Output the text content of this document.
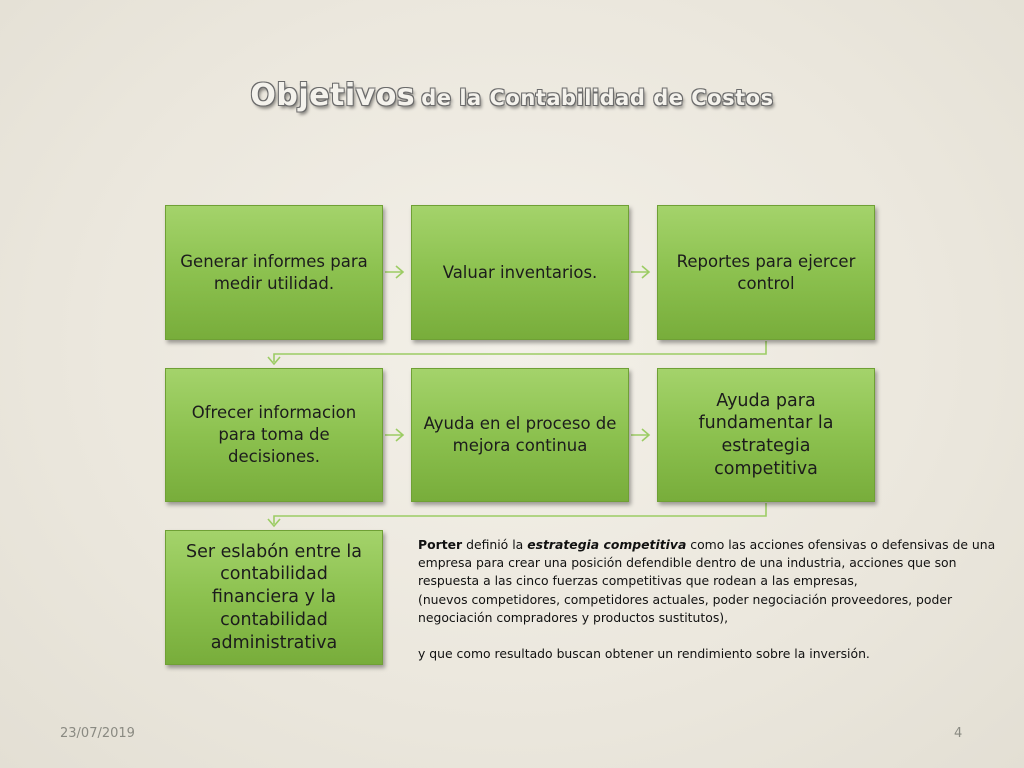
Objetivos de la Contabilidad de Costos
Generar informes para medir utilidad.
Valuar inventarios.
Reportes para ejercer control
Ofrecer informacion para toma de decisiones.
Ayuda en el proceso de mejora continua
Ayuda para fundamentar la estrategia competitiva
Ser eslabón entre la contabilidad financiera y la contabilidad administrativa

Porter definió la estrategia competitiva como las acciones ofensivas o defensivas de una empresa para crear una posición defendible dentro de una industria, acciones que son respuesta a las cinco fuerzas competitivas que rodean a las empresas,

(nuevos competidores, competidores actuales, poder negociación proveedores, poder negociación compradores y productos sustitutos),

y que como resultado buscan obtener un rendimiento sobre la inversión.

23/07/2019	4
